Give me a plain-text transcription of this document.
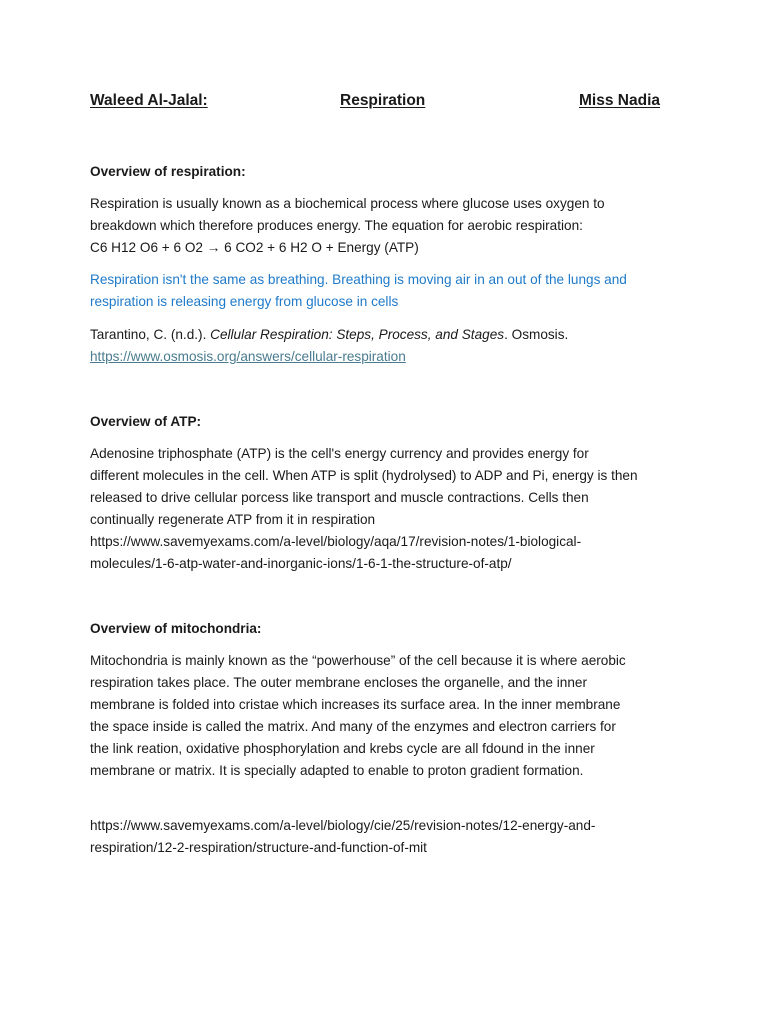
Waleed Al-Jalal:	Respiration	Miss Nadia

Overview of respiration:

Respiration is usually known as a biochemical process where glucose uses oxygen to
breakdown which therefore produces energy. The equation for aerobic respiration:
C6 H12 O6 + 6 O2 → 6 CO2 + 6 H2 O + Energy (ATP)

Respiration isn't the same as breathing. Breathing is moving air in an out of the lungs and
respiration is releasing energy from glucose in cells

Tarantino, C. (n.d.). Cellular Respiration: Steps, Process, and Stages. Osmosis.
https://www.osmosis.org/answers/cellular-respiration

Overview of ATP:

Adenosine triphosphate (ATP) is the cell's energy currency and provides energy for
different molecules in the cell. When ATP is split (hydrolysed) to ADP and Pi, energy is then
released to drive cellular porcess like transport and muscle contractions. Cells then
continually regenerate ATP from it in respiration
https://www.savemyexams.com/a-level/biology/aqa/17/revision-notes/1-biological-
molecules/1-6-atp-water-and-inorganic-ions/1-6-1-the-structure-of-atp/

Overview of mitochondria:

Mitochondria is mainly known as the “powerhouse” of the cell because it is where aerobic
respiration takes place. The outer membrane encloses the organelle, and the inner
membrane is folded into cristae which increases its surface area. In the inner membrane
the space inside is called the matrix. And many of the enzymes and electron carriers for
the link reation, oxidative phosphorylation and krebs cycle are all fdound in the inner
membrane or matrix. It is specially adapted to enable to proton gradient formation.

https://www.savemyexams.com/a-level/biology/cie/25/revision-notes/12-energy-and-
respiration/12-2-respiration/structure-and-function-of-mit
